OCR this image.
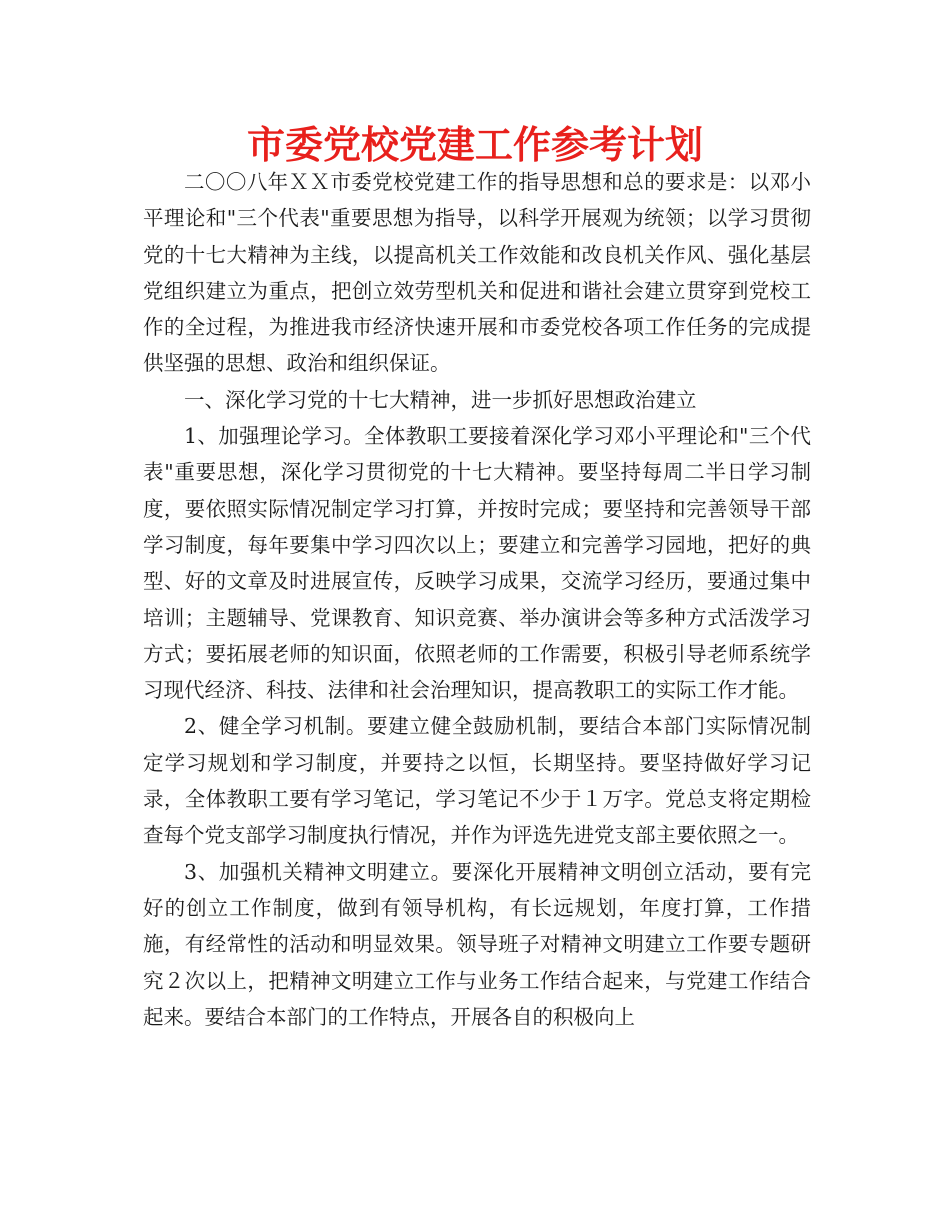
市委党校党建工作参考计划

二〇〇八年ＸＸ市委党校党建工作的指导思想和总的要求是：以邓小平理论和"三个代表"重要思想为指导，以科学开展观为统领；以学习贯彻党的十七大精神为主线，以提高机关工作效能和改良机关作风、强化基层党组织建立为重点，把创立效劳型机关和促进和谐社会建立贯穿到党校工作的全过程，为推进我市经济快速开展和市委党校各项工作任务的完成提供坚强的思想、政治和组织保证。

一、深化学习党的十七大精神，进一步抓好思想政治建立

1、加强理论学习。全体教职工要接着深化学习邓小平理论和"三个代表"重要思想，深化学习贯彻党的十七大精神。要坚持每周二半日学习制度，要依照实际情况制定学习打算，并按时完成；要坚持和完善领导干部学习制度，每年要集中学习四次以上；要建立和完善学习园地，把好的典型、好的文章及时进展宣传，反映学习成果，交流学习经历，要通过集中培训；主题辅导、党课教育、知识竞赛、举办演讲会等多种方式活泼学习方式；要拓展老师的知识面，依照老师的工作需要，积极引导老师系统学习现代经济、科技、法律和社会治理知识，提高教职工的实际工作才能。

2、健全学习机制。要建立健全鼓励机制，要结合本部门实际情况制定学习规划和学习制度，并要持之以恒，长期坚持。要坚持做好学习记录，全体教职工要有学习笔记，学习笔记不少于１万字。党总支将定期检查每个党支部学习制度执行情况，并作为评选先进党支部主要依照之一。

3、加强机关精神文明建立。要深化开展精神文明创立活动，要有完好的创立工作制度，做到有领导机构，有长远规划，年度打算，工作措施，有经常性的活动和明显效果。领导班子对精神文明建立工作要专题研究２次以上，把精神文明建立工作与业务工作结合起来，与党建工作结合起来。要结合本部门的工作特点，开展各自的积极向上
